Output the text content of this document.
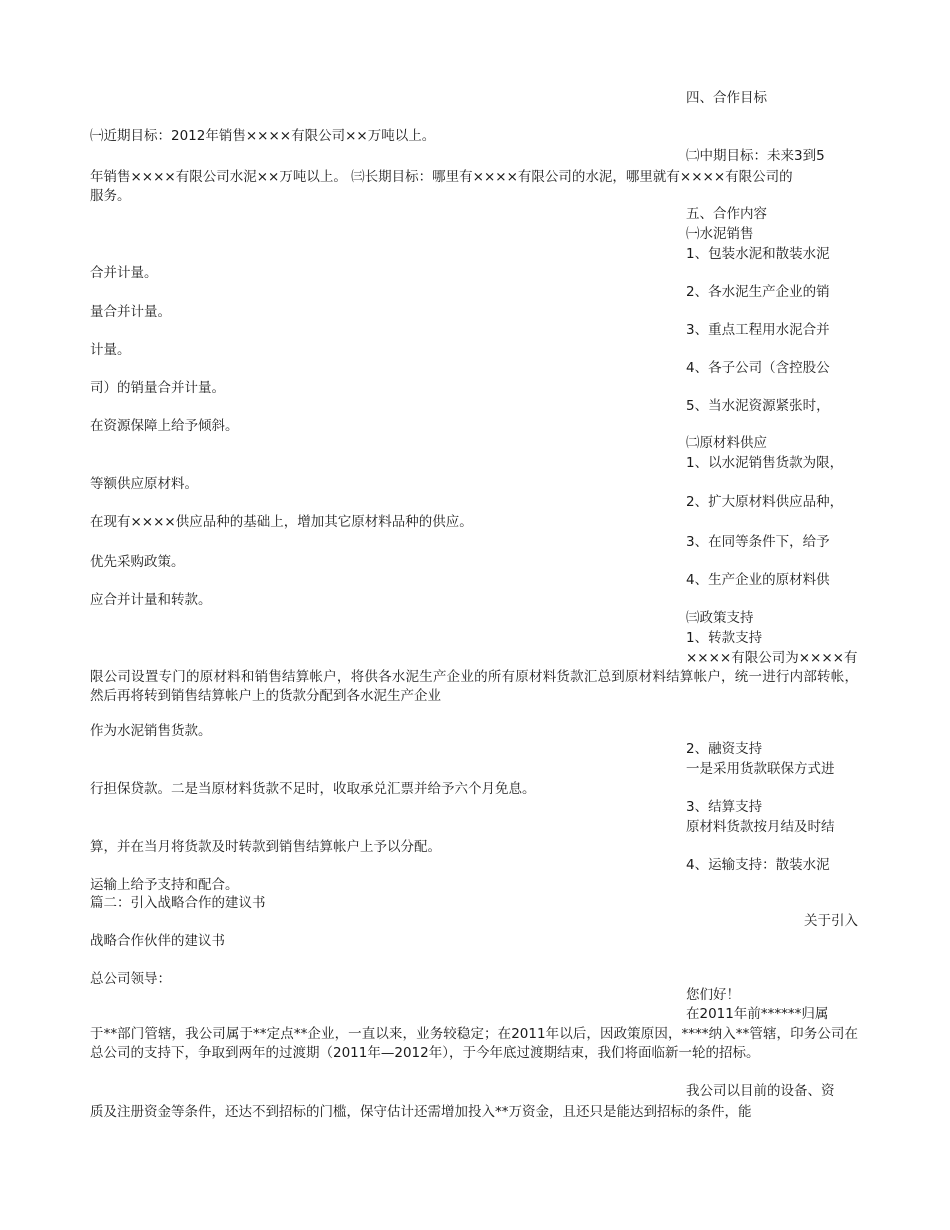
四、合作目标
㈠近期目标：2012年销售××××有限公司××万吨以上。
㈡中期目标：未来3到5
年销售××××有限公司水泥××万吨以上。 ㈢长期目标：哪里有××××有限公司的水泥，哪里就有××××有限公司的
服务。
五、合作内容
㈠水泥销售
1、包装水泥和散装水泥
合并计量。
2、各水泥生产企业的销
量合并计量。
3、重点工程用水泥合并
计量。
4、各子公司（含控股公
司）的销量合并计量。
5、当水泥资源紧张时，
在资源保障上给予倾斜。
㈡原材料供应
1、以水泥销售货款为限，
等额供应原材料。
2、扩大原材料供应品种，
在现有××××供应品种的基础上，增加其它原材料品种的供应。
3、在同等条件下，给予
优先采购政策。
4、生产企业的原材料供
应合并计量和转款。
㈢政策支持
1、转款支持
××××有限公司为××××有
限公司设置专门的原材料和销售结算帐户，将供各水泥生产企业的所有原材料货款汇总到原材料结算帐户，统一进行内部转帐，然后再将转到销售结算帐户上的货款分配到各水泥生产企业
作为水泥销售货款。
2、融资支持
一是采用货款联保方式进
行担保贷款。二是当原材料货款不足时，收取承兑汇票并给予六个月免息。
3、结算支持
原材料货款按月结及时结
算，并在当月将货款及时转款到销售结算帐户上予以分配。
4、运输支持：散装水泥
运输上给予支持和配合。
篇二：引入战略合作的建议书
关于引入
战略合作伙伴的建议书
总公司领导：
您们好！
在2011年前******归属
于**部门管辖，我公司属于**定点**企业，一直以来，业务较稳定；在2011年以后，因政策原因，****纳入**管辖，印务公司在总公司的支持下，争取到两年的过渡期（2011年—2012年），于今年底过渡期结束，我们将面临新一轮的招标。
我公司以目前的设备、资
质及注册资金等条件，还达不到招标的门槛，保守估计还需增加投入**万资金，且还只是能达到招标的条件，能
